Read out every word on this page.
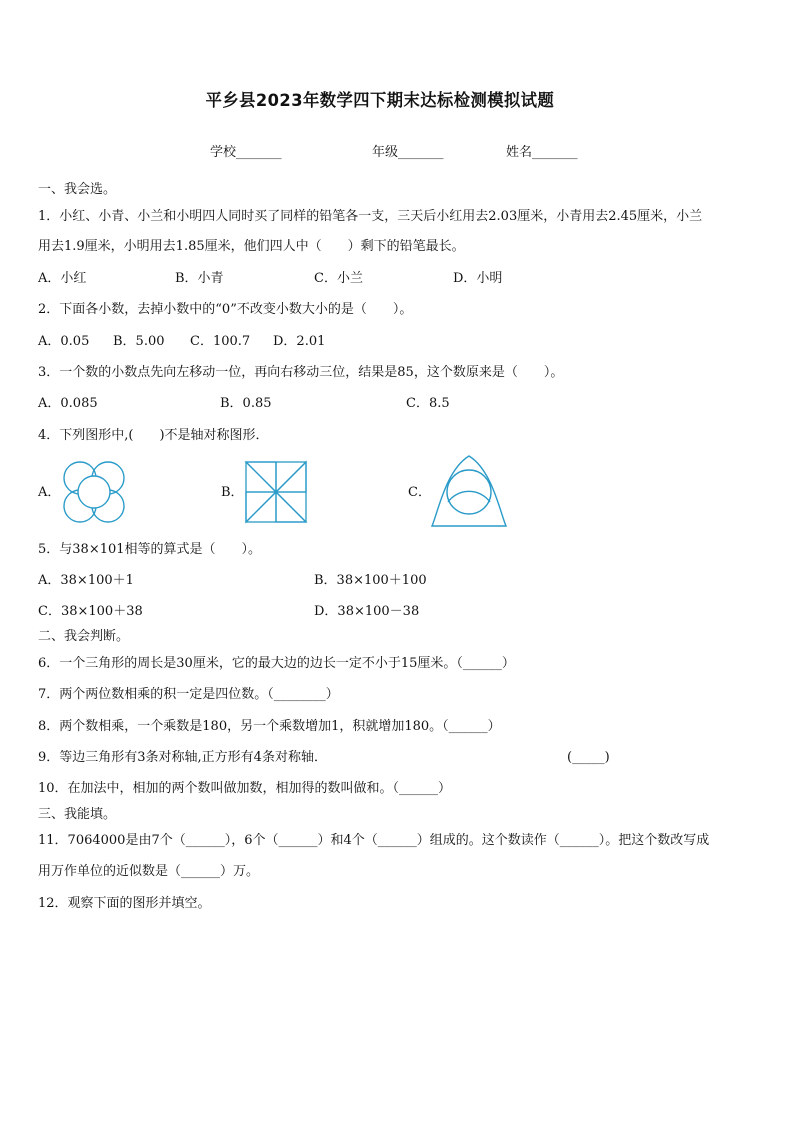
平乡县2023年数学四下期末达标检测模拟试题
学校_______	年级_______	姓名_______
一、我会选。
1．小红、小青、小兰和小明四人同时买了同样的铅笔各一支，三天后小红用去2.03厘米，小青用去2.45厘米，小兰
用去1.9厘米，小明用去1.85厘米，他们四人中（　　）剩下的铅笔最长。
A．小红	B．小青	C．小兰	D．小明
2．下面各小数，去掉小数中的“0”不改变小数大小的是（　　）。
A．0.05 B．5.00 C．100.7 D．2.01
3．一个数的小数点先向左移动一位，再向右移动三位，结果是85，这个数原来是（　　）。
A．0.085	B．0.85	C．8.5
4．下列图形中,(　　)不是轴对称图形．
A．	B．	C．
5．与38×101相等的算式是（　　）。
A．38×100＋1	B．38×100＋100
C．38×100＋38	D．38×100－38
二、我会判断。
6．一个三角形的周长是30厘米，它的最大边的边长一定不小于15厘米。（______）
7．两个两位数相乘的积一定是四位数。（________）
8．两个数相乘，一个乘数是180，另一个乘数增加1，积就增加180。（______）
9．等边三角形有3条对称轴,正方形有4条对称轴．	(_____)
10．在加法中，相加的两个数叫做加数，相加得的数叫做和。（______）
三、我能填。
11．7064000是由7个（______），6个（______）和4个（______）组成的。这个数读作（______）。把这个数改写成
用万作单位的近似数是（______）万。
12．观察下面的图形并填空。
